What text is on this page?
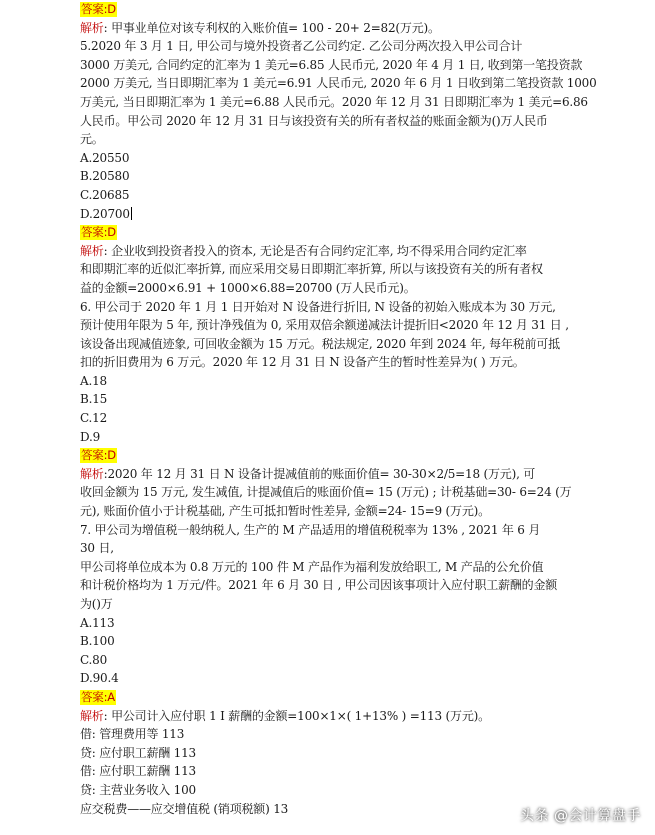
答案:D
解析: 甲事业单位对该专利权的入账价值= 100 - 20+ 2=82(万元)。
5.2020 年 3 月 1 日, 甲公司与境外投资者乙公司约定. 乙公司分两次投入甲公司合计
3000 万美元, 合同约定的汇率为 1 美元=6.85 人民币元, 2020 年 4 月 1 日, 收到第一笔投资款
2000 万美元, 当日即期汇率为 1 美元=6.91 人民币元, 2020 年 6 月 1 日收到第二笔投资款 1000
万美元, 当日即期汇率为 1 美元=6.88 人民币元。2020 年 12 月 31 日即期汇率为 1 美元=6.86
人民币。甲公司 2020 年 12 月 31 日与该投资有关的所有者权益的账面金额为()万人民币
元。
A.20550
B.20580
C.20685
D.20700
答案:D
解析: 企业收到投资者投入的资本, 无论是否有合同约定汇率, 均不得采用合同约定汇率
和即期汇率的近似汇率折算, 而应采用交易日即期汇率折算, 所以与该投资有关的所有者权
益的金额=2000×6.91 + 1000×6.88=20700 (万人民币元)。
6. 甲公司于 2020 年 1 月 1 日开始对 N 设备进行折旧, N 设备的初始入账成本为 30 万元,
预计使用年限为 5 年, 预计净残值为 0, 采用双倍余额递减法计提折旧<2020 年 12 月 31 日 ,
该设备出现减值迹象, 可回收金额为 15 万元。税法规定, 2020 年到 2024 年, 每年税前可抵
扣的折旧费用为 6 万元。2020 年 12 月 31 日 N 设备产生的暂时性差异为( ) 万元。
A.18
B.15
C.12
D.9
答案:D
解析:2020 年 12 月 31 日 N 设备计提减值前的账面价值= 30-30×2/5=18 (万元), 可
收回金额为 15 万元, 发生减值, 计提减值后的账面价值= 15 (万元) ; 计税基础=30- 6=24 (万
元), 账面价值小于计税基础, 产生可抵扣暂时性差异, 金额=24- 15=9 (万元)。
7. 甲公司为增值税一般纳税人, 生产的 M 产品适用的增值税税率为 13% , 2021 年 6 月
30 日,
甲公司将单位成本为 0.8 万元的 100 件 M 产品作为福利发放给职工, M 产品的公允价值
和计税价格均为 1 万元/件。2021 年 6 月 30 日 , 甲公司因该事项计入应付职工薪酬的金额
为()万
A.113
B.100
C.80
D.90.4
答案:A
解析: 甲公司计入应付职 1 I 薪酬的金额=100×1×( 1+13% ) =113 (万元)。
借: 管理费用等 113
贷: 应付职工薪酬 113
借: 应付职工薪酬 113
贷: 主营业务收入 100
应交税费——应交增值税 (销项税额) 13	头条 @会计算盘手
